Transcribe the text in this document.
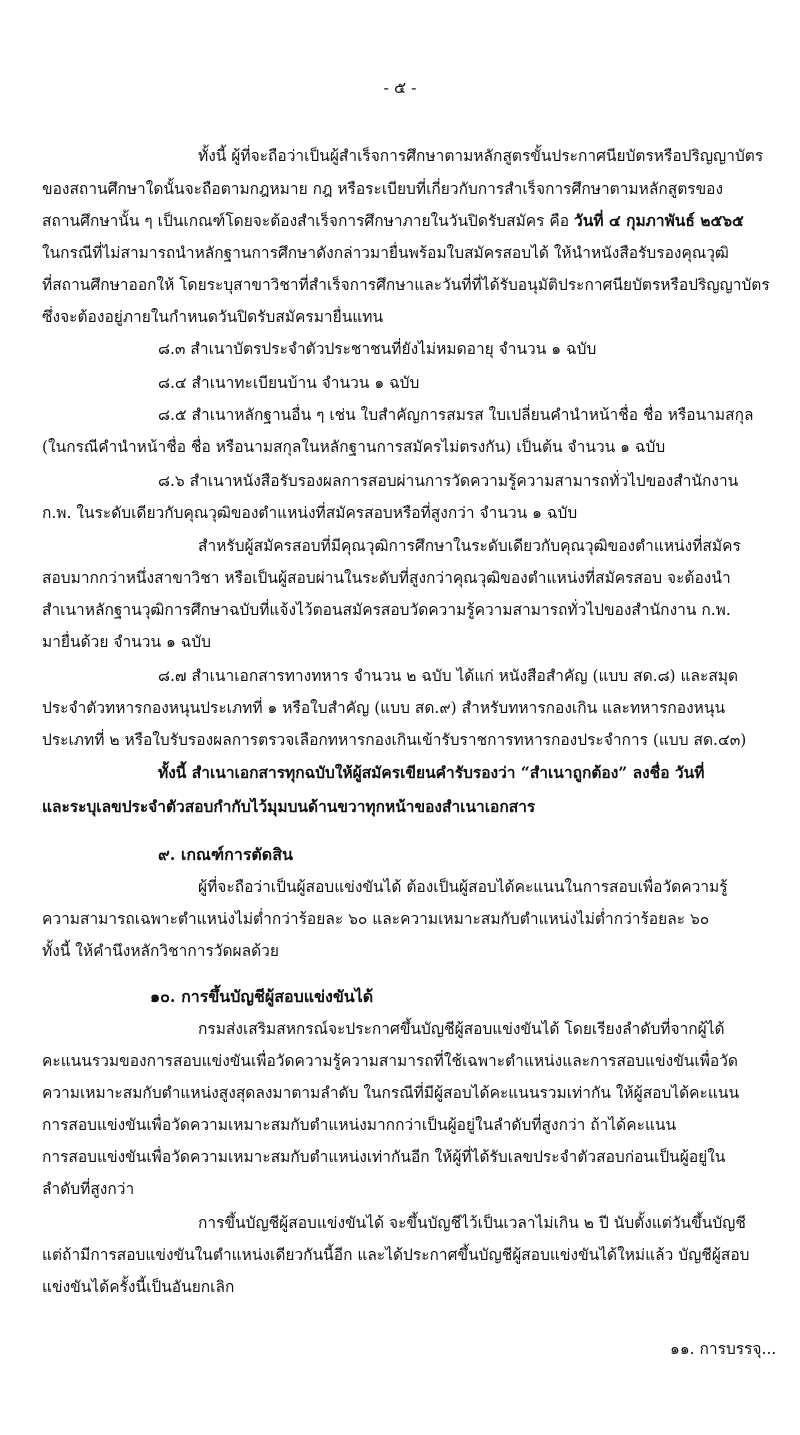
- ๕ -
ทั้งนี้ ผู้ที่จะถือว่าเป็นผู้สำเร็จการศึกษาตามหลักสูตรขั้นประกาศนียบัตรหรือปริญญาบัตร
ของสถานศึกษาใดนั้นจะถือตามกฎหมาย กฎ หรือระเบียบที่เกี่ยวกับการสำเร็จการศึกษาตามหลักสูตรของ
สถานศึกษานั้น ๆ เป็นเกณฑ์โดยจะต้องสำเร็จการศึกษาภายในวันปิดรับสมัคร คือ วันที่ ๔ กุมภาพันธ์ ๒๕๖๕
ในกรณีที่ไม่สามารถนำหลักฐานการศึกษาดังกล่าวมายื่นพร้อมใบสมัครสอบได้ ให้นำหนังสือรับรองคุณวุฒิ
ที่สถานศึกษาออกให้ โดยระบุสาขาวิชาที่สำเร็จการศึกษาและวันที่ที่ได้รับอนุมัติประกาศนียบัตรหรือปริญญาบัตร
ซึ่งจะต้องอยู่ภายในกำหนดวันปิดรับสมัครมายื่นแทน
๘.๓ สำเนาบัตรประจำตัวประชาชนที่ยังไม่หมดอายุ จำนวน ๑ ฉบับ
๘.๔ สำเนาทะเบียนบ้าน จำนวน ๑ ฉบับ
๘.๕ สำเนาหลักฐานอื่น ๆ เช่น ใบสำคัญการสมรส ใบเปลี่ยนคำนำหน้าชื่อ ชื่อ หรือนามสกุล
(ในกรณีคำนำหน้าชื่อ ชื่อ หรือนามสกุลในหลักฐานการสมัครไม่ตรงกัน) เป็นต้น จำนวน ๑ ฉบับ
๘.๖ สำเนาหนังสือรับรองผลการสอบผ่านการวัดความรู้ความสามารถทั่วไปของสำนักงาน
ก.พ. ในระดับเดียวกับคุณวุฒิของตำแหน่งที่สมัครสอบหรือที่สูงกว่า จำนวน ๑ ฉบับ
สำหรับผู้สมัครสอบที่มีคุณวุฒิการศึกษาในระดับเดียวกับคุณวุฒิของตำแหน่งที่สมัคร
สอบมากกว่าหนึ่งสาขาวิชา หรือเป็นผู้สอบผ่านในระดับที่สูงกว่าคุณวุฒิของตำแหน่งที่สมัครสอบ จะต้องนำ
สำเนาหลักฐานวุฒิการศึกษาฉบับที่แจ้งไว้ตอนสมัครสอบวัดความรู้ความสามารถทั่วไปของสำนักงาน ก.พ.
มายื่นด้วย จำนวน ๑ ฉบับ
๘.๗ สำเนาเอกสารทางทหาร จำนวน ๒ ฉบับ ได้แก่ หนังสือสำคัญ (แบบ สด.๘) และสมุด
ประจำตัวทหารกองหนุนประเภทที่ ๑ หรือใบสำคัญ (แบบ สด.๙) สำหรับทหารกองเกิน และทหารกองหนุน
ประเภทที่ ๒ หรือใบรับรองผลการตรวจเลือกทหารกองเกินเข้ารับราชการทหารกองประจำการ (แบบ สด.๔๓)
ทั้งนี้ สำเนาเอกสารทุกฉบับให้ผู้สมัครเขียนคำรับรองว่า “สำเนาถูกต้อง” ลงชื่อ วันที่
และระบุเลขประจำตัวสอบกำกับไว้มุมบนด้านขวาทุกหน้าของสำเนาเอกสาร
๙. เกณฑ์การตัดสิน
ผู้ที่จะถือว่าเป็นผู้สอบแข่งขันได้ ต้องเป็นผู้สอบได้คะแนนในการสอบเพื่อวัดความรู้
ความสามารถเฉพาะตำแหน่งไม่ต่ำกว่าร้อยละ ๖๐ และความเหมาะสมกับตำแหน่งไม่ต่ำกว่าร้อยละ ๖๐
ทั้งนี้ ให้คำนึงหลักวิชาการวัดผลด้วย
๑๐. การขึ้นบัญชีผู้สอบแข่งขันได้
กรมส่งเสริมสหกรณ์จะประกาศขึ้นบัญชีผู้สอบแข่งขันได้ โดยเรียงลำดับที่จากผู้ได้
คะแนนรวมของการสอบแข่งขันเพื่อวัดความรู้ความสามารถที่ใช้เฉพาะตำแหน่งและการสอบแข่งขันเพื่อวัด
ความเหมาะสมกับตำแหน่งสูงสุดลงมาตามลำดับ ในกรณีที่มีผู้สอบได้คะแนนรวมเท่ากัน ให้ผู้สอบได้คะแนน
การสอบแข่งขันเพื่อวัดความเหมาะสมกับตำแหน่งมากกว่าเป็นผู้อยู่ในลำดับที่สูงกว่า ถ้าได้คะแนน
การสอบแข่งขันเพื่อวัดความเหมาะสมกับตำแหน่งเท่ากันอีก ให้ผู้ที่ได้รับเลขประจำตัวสอบก่อนเป็นผู้อยู่ใน
ลำดับที่สูงกว่า
การขึ้นบัญชีผู้สอบแข่งขันได้ จะขึ้นบัญชีไว้เป็นเวลาไม่เกิน ๒ ปี นับตั้งแต่วันขึ้นบัญชี
แต่ถ้ามีการสอบแข่งขันในตำแหน่งเดียวกันนี้อีก และได้ประกาศขึ้นบัญชีผู้สอบแข่งขันได้ใหม่แล้ว บัญชีผู้สอบ
แข่งขันได้ครั้งนี้เป็นอันยกเลิก
๑๑. การบรรจุ...
